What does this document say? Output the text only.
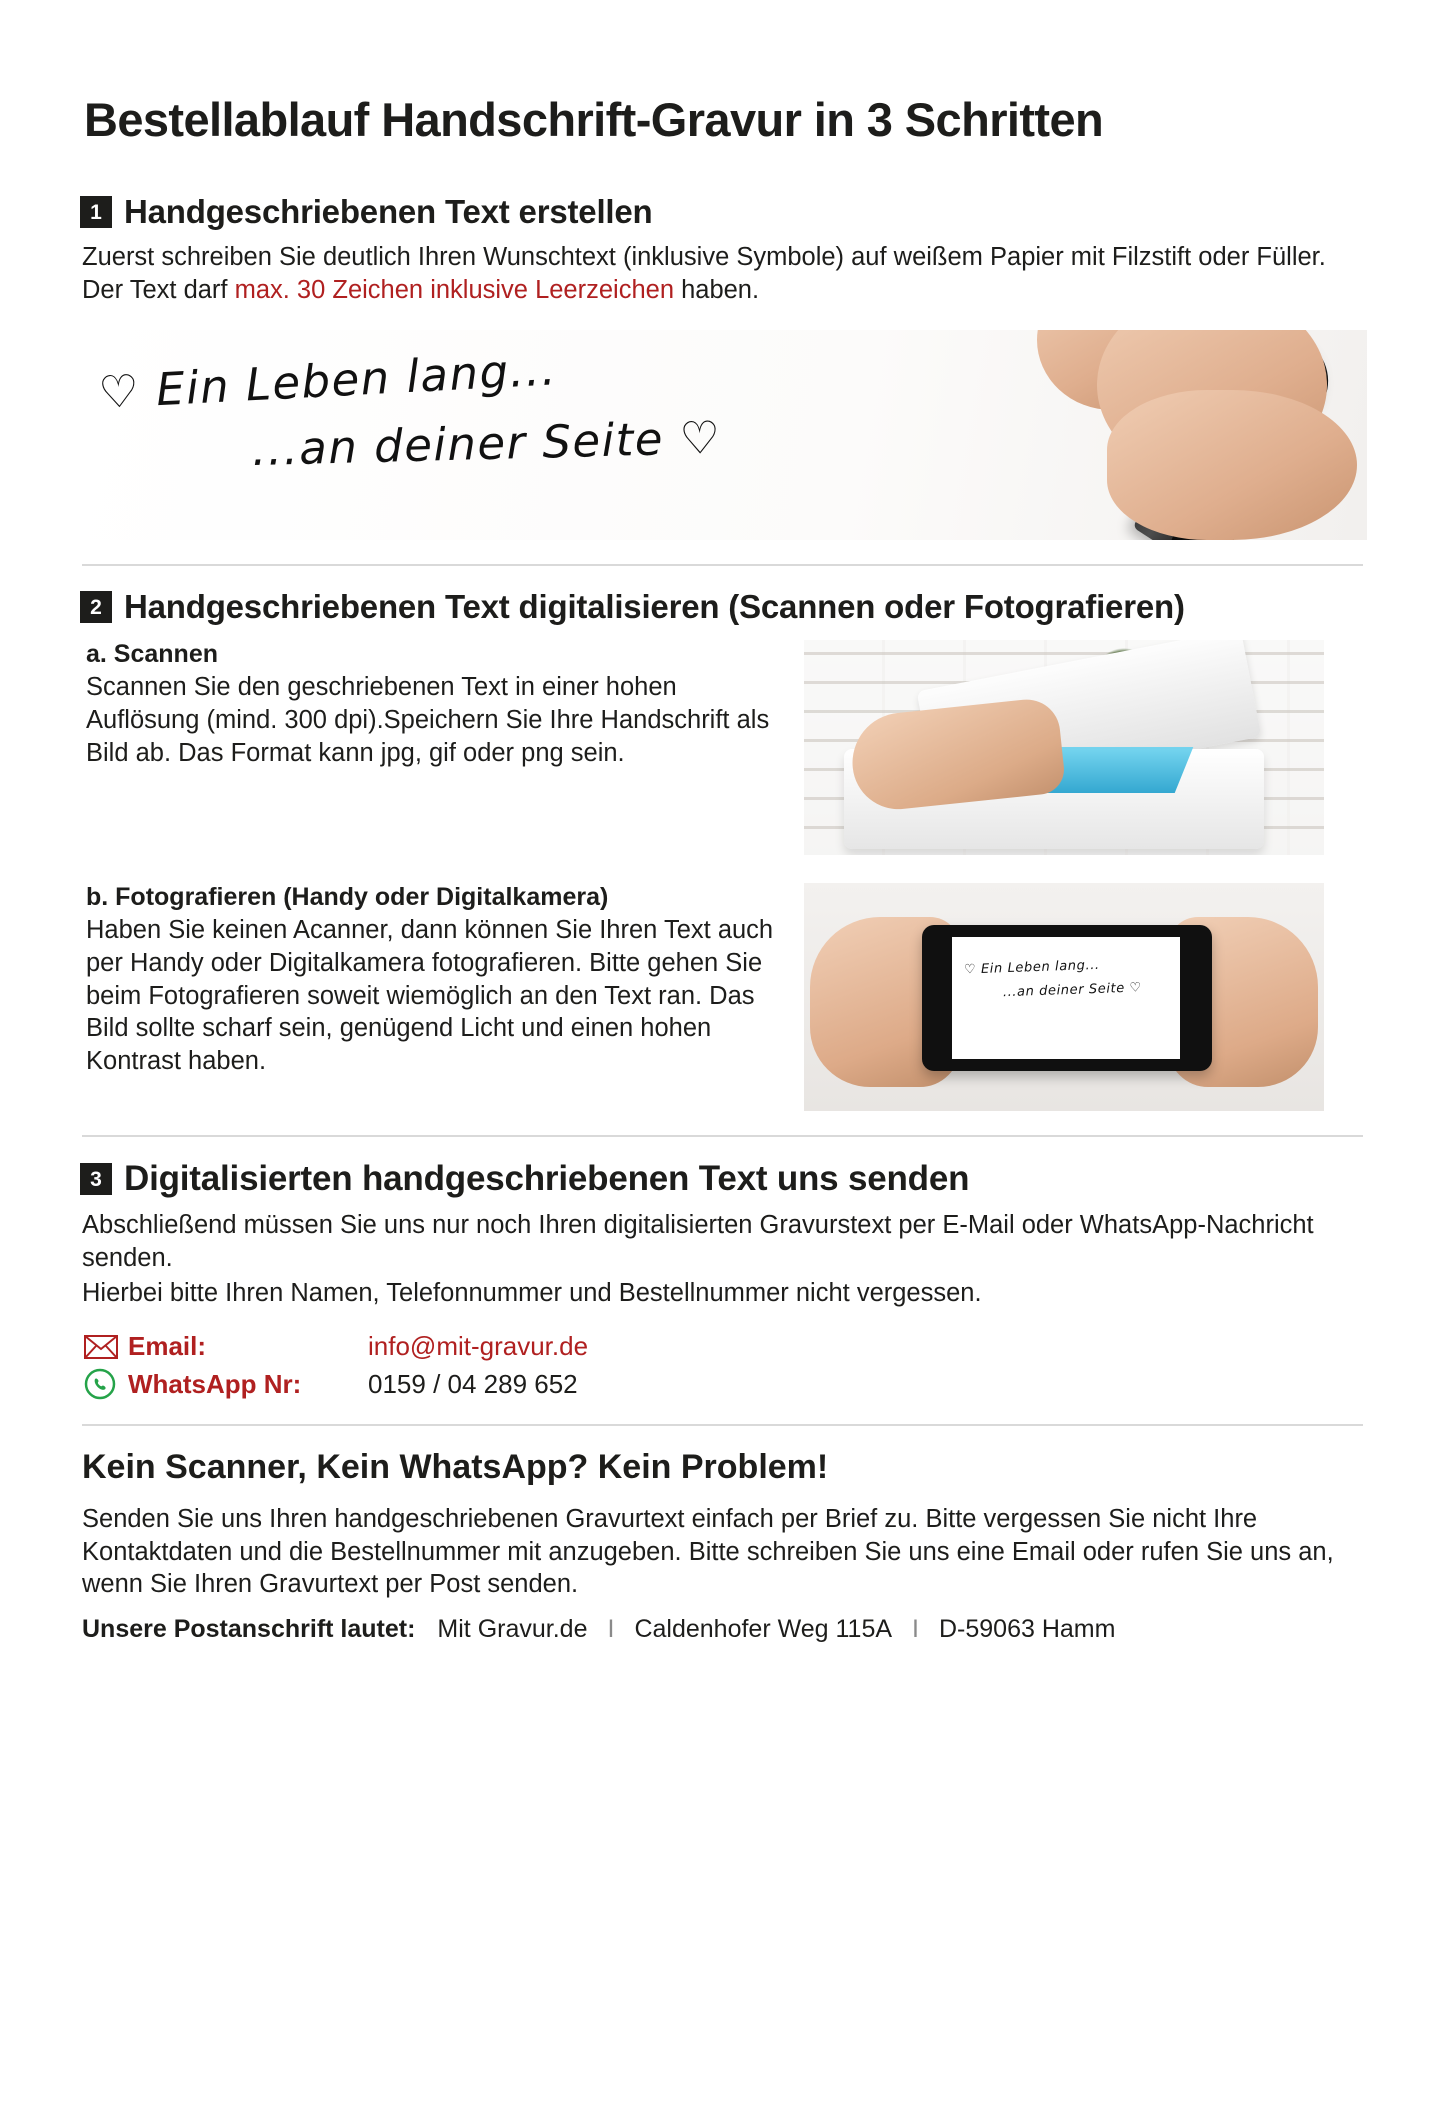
Bestellablauf Handschrift-Gravur in 3 Schritten
1 Handgeschriebenen Text erstellen

Zuerst schreiben Sie deutlich Ihren Wunschtext (inklusive Symbole) auf weißem Papier mit Filzstift oder Füller. Der Text darf max. 30 Zeichen inklusive Leerzeichen haben.

♡ Ein Leben lang...
...an deiner Seite ♡
2 Handgeschriebenen Text digitalisieren (Scannen oder Fotografieren)
a. Scannen

Scannen Sie den geschriebenen Text in einer hohen Auflösung (mind. 300 dpi).Speichern Sie Ihre Handschrift als Bild ab. Das Format kann jpg, gif oder png sein.

b. Fotografieren (Handy oder Digitalkamera)

Haben Sie keinen Acanner, dann können Sie Ihren Text auch per Handy oder Digitalkamera fotografieren. Bitte gehen Sie beim Fotografieren soweit wiemöglich an den Text ran. Das Bild sollte scharf sein, genügend Licht und einen hohen Kontrast haben.

♡ Ein Leben lang...
...an deiner Seite ♡
3 Digitalisierten handgeschriebenen Text uns senden

Abschließend müssen Sie uns nur noch Ihren digitalisierten Gravurstext per E-Mail oder WhatsApp-Nachricht senden.

Hierbei bitte Ihren Namen, Telefonnummer und Bestellnummer nicht vergessen.

Email:	info@mit-gravur.de
WhatsApp Nr:	0159 / 04 289 652
Kein Scanner, Kein WhatsApp? Kein Problem!

Senden Sie uns Ihren handgeschriebenen Gravurtext einfach per Brief zu. Bitte vergessen Sie nicht Ihre Kontaktdaten und die Bestellnummer mit anzugeben. Bitte schreiben Sie uns eine Email oder rufen Sie uns an, wenn Sie Ihren Gravurtext per Post senden.

Unsere Postanschrift lautet: Mit Gravur.de I Caldenhofer Weg 115A I D-59063 Hamm
